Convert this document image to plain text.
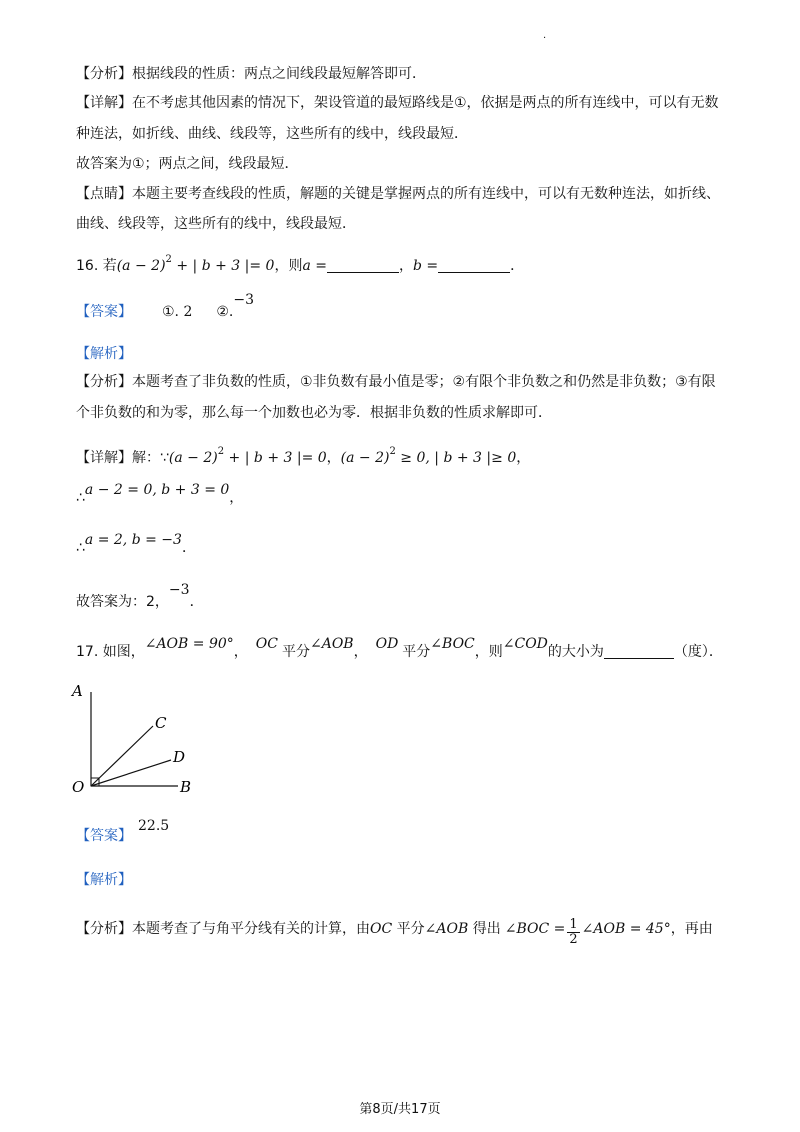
.
【分析】根据线段的性质：两点之间线段最短解答即可．
【详解】在不考虑其他因素的情况下，架设管道的最短路线是①，依据是两点的所有连线中，可以有无数
种连法，如折线、曲线、线段等，这些所有的线中，线段最短．
故答案为①；两点之间，线段最短．
【点睛】本题主要考查线段的性质，解题的关键是掌握两点的所有连线中，可以有无数种连法，如折线、
曲线、线段等，这些所有的线中，线段最短．
16. 若$(a - 2)^2$ + | b + 3 |= 0，则a =	，b =	．
【答案】 ①. 2 ②.−3
【解析】
【分析】本题考查了非负数的性质，①非负数有最小值是零；②有限个非负数之和仍然是非负数；③有限
个非负数的和为零，那么每一个加数也必为零．根据非负数的性质求解即可．
【详解】解：∵(a − 2)$^2$ + | b + 3 |= 0，$(a - 2)^2 \ge 0$, | b + 3 |≥ 0，
∴a − 2 = 0, b + 3 = 0，
∴a = 2, b = −3．
故答案为：2，−3．
17. 如图，∠AOB = 90°， OC 平分∠AOB， OD 平分∠BOC，则∠COD的大小为	（度）．
A
C
D
O	B
【答案】22.5
【解析】
【分析】本题考查了与角平分线有关的计算，由OC 平分∠AOB 得出 ∠BOC = $\frac{1}{2}$ ∠AOB = 45°，再由
第8页/共17页
